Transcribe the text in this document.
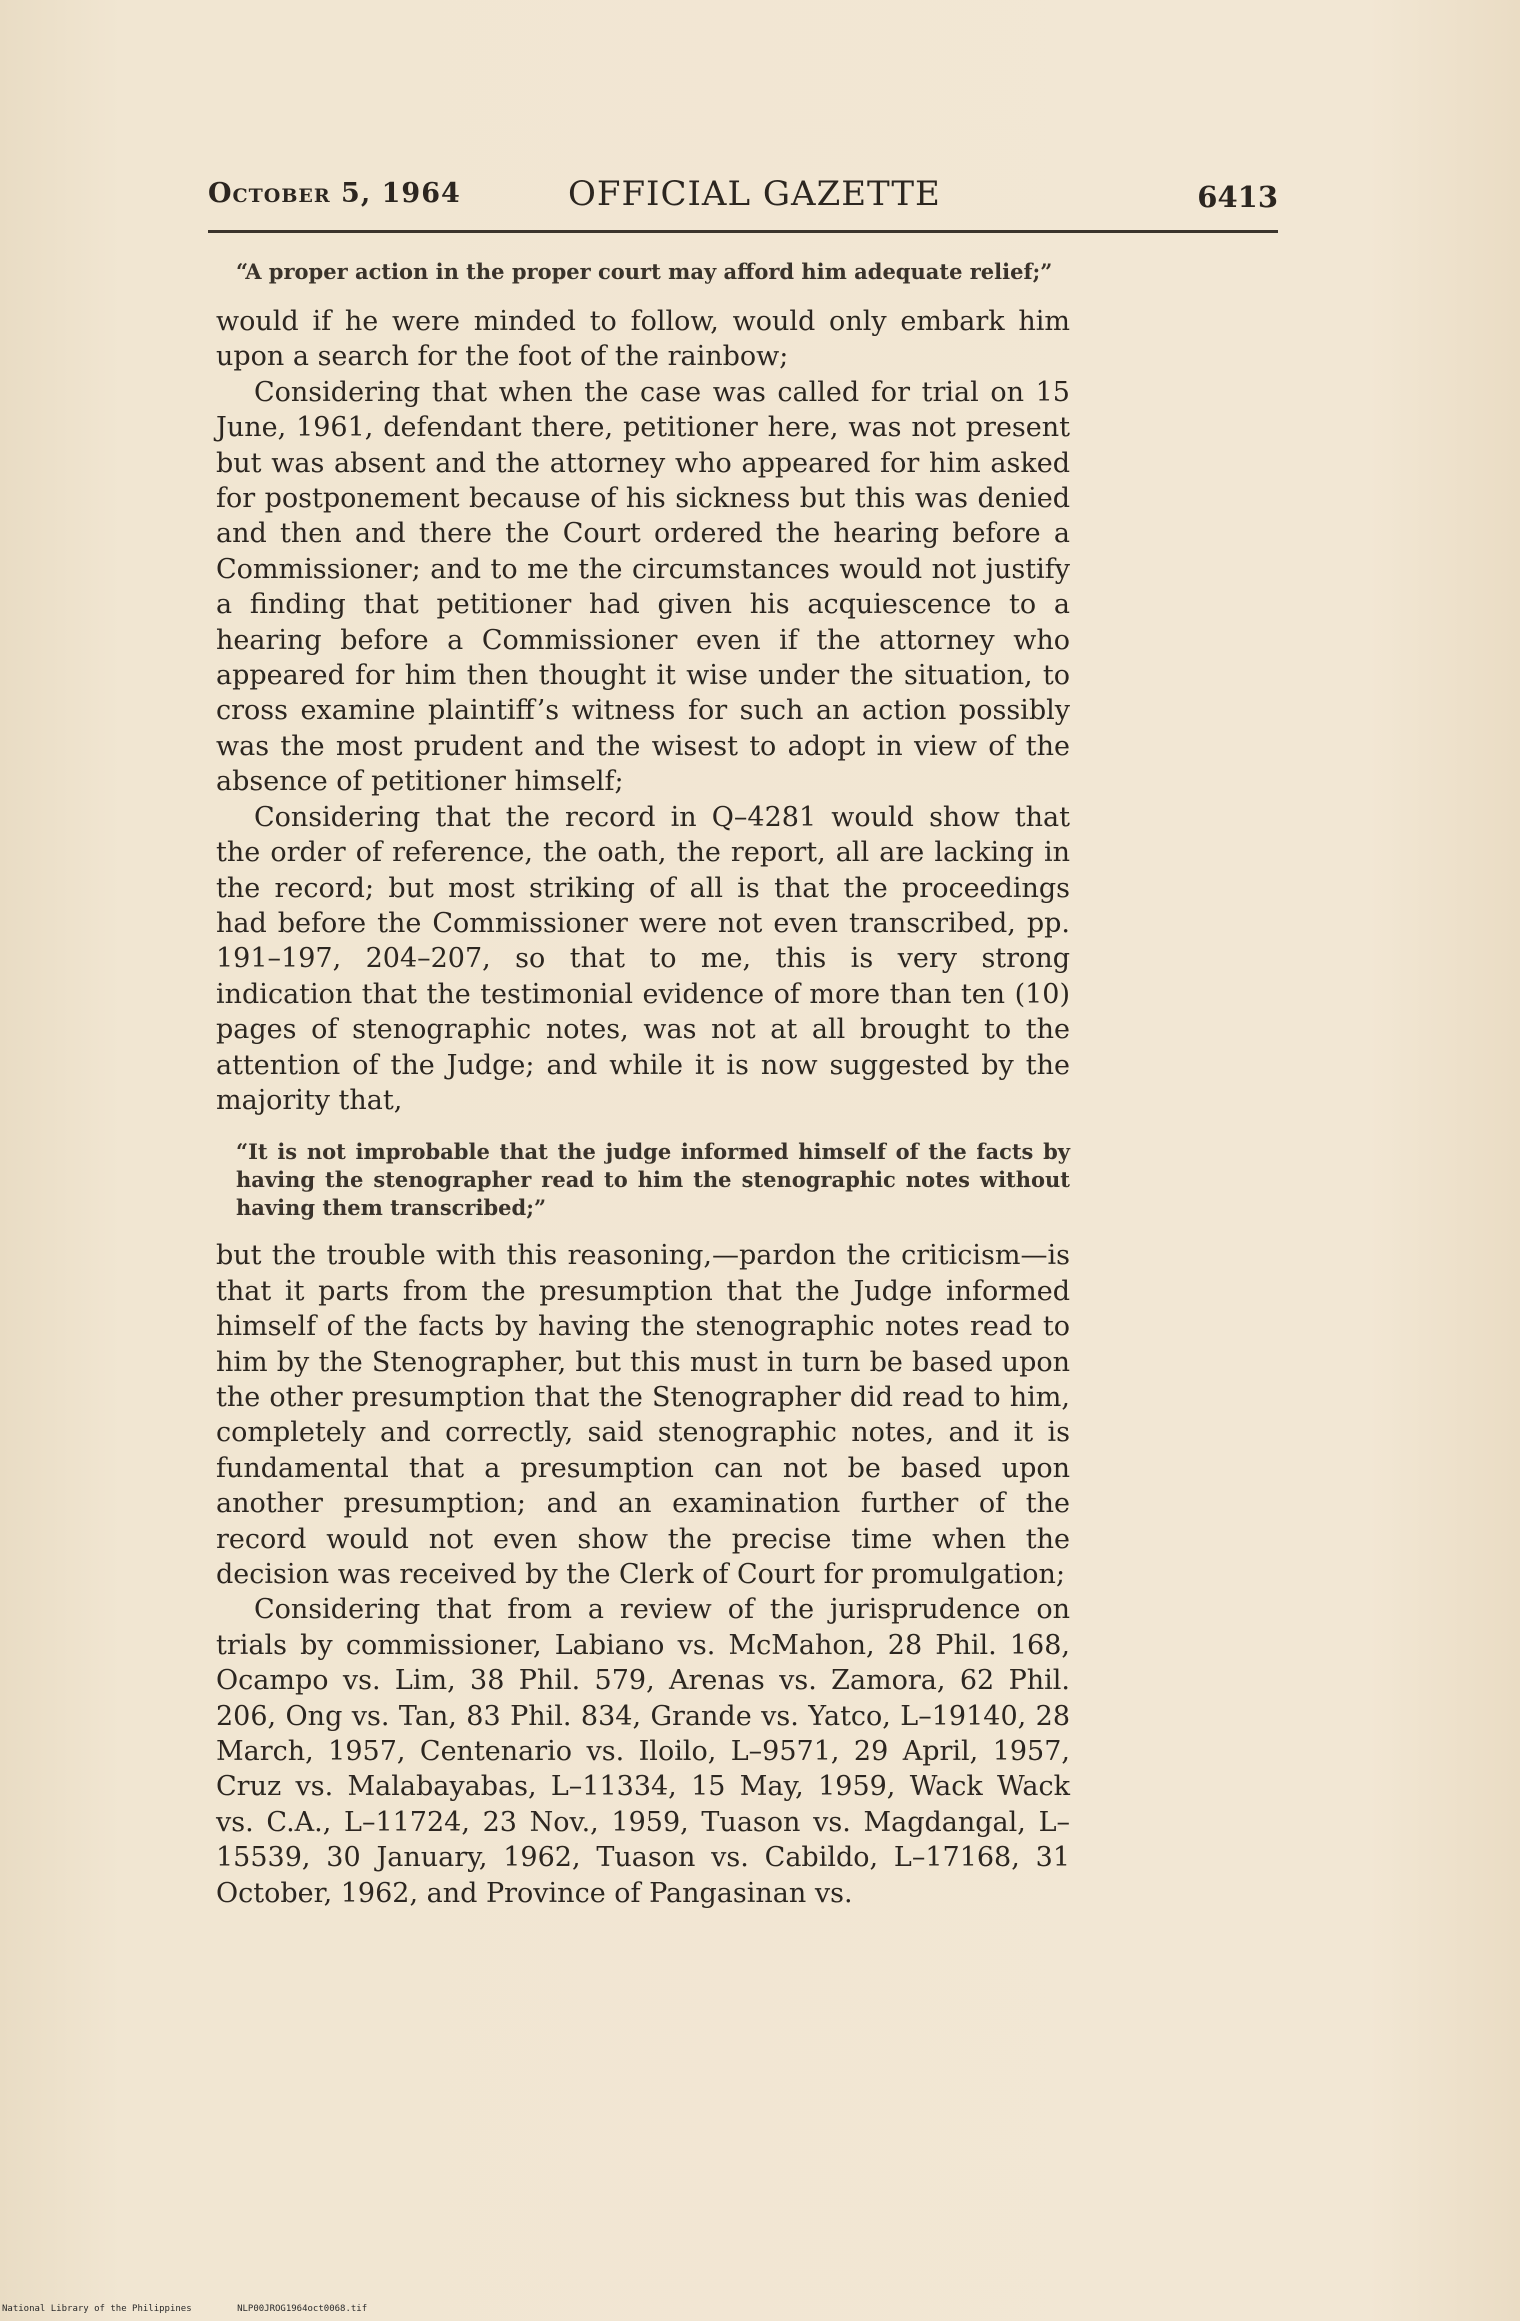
October 5, 1964	OFFICIAL GAZETTE	6413

“A proper action in the proper court may afford him adequate relief;”

would if he were minded to follow, would only embark him upon a search for the foot of the rainbow;

Considering that when the case was called for trial on 15 June, 1961, defendant there, petitioner here, was not present but was absent and the attorney who appeared for him asked for postponement because of his sickness but this was denied and then and there the Court ordered the hearing before a Commissioner; and to me the circumstances would not justify a finding that petitioner had given his acquiescence to a hearing before a Commissioner even if the attorney who appeared for him then thought it wise under the situation, to cross examine plaintiff’s witness for such an action possibly was the most prudent and the wisest to adopt in view of the absence of petitioner himself;

Considering that the record in Q–4281 would show that the order of reference, the oath, the report, all are lacking in the record; but most striking of all is that the proceedings had before the Commissioner were not even transcribed, pp. 191–197, 204–207, so that to me, this is very strong indication that the testimonial evidence of more than ten (10) pages of stenographic notes, was not at all brought to the attention of the Judge; and while it is now suggested by the majority that,

“It is not improbable that the judge informed himself of the facts by having the stenographer read to him the stenographic notes without having them transcribed;”

but the trouble with this reasoning,—pardon the criticism—is that it parts from the presumption that the Judge informed himself of the facts by having the stenographic notes read to him by the Stenographer, but this must in turn be based upon the other presumption that the Stenographer did read to him, completely and correctly, said stenographic notes, and it is fundamental that a presumption can not be based upon another presumption; and an examination further of the record would not even show the precise time when the decision was received by the Clerk of Court for promulgation;

Considering that from a review of the jurisprudence on trials by commissioner, Labiano vs. McMahon, 28 Phil. 168, Ocampo vs. Lim, 38 Phil. 579, Arenas vs. Zamora, 62 Phil. 206, Ong vs. Tan, 83 Phil. 834, Grande vs. Yatco, L–19140, 28 March, 1957, Centenario vs. Iloilo, L–9571, 29 April, 1957, Cruz vs. Malabayabas, L–11334, 15 May, 1959, Wack Wack vs. C.A., L–11724, 23 Nov., 1959, Tuason vs. Magdangal, L–15539, 30 January, 1962, Tuason vs. Cabildo, L–17168, 31 October, 1962, and Province of Pangasinan vs.

National Library of the Philippines	NLP00JROG1964oct0068.tif
